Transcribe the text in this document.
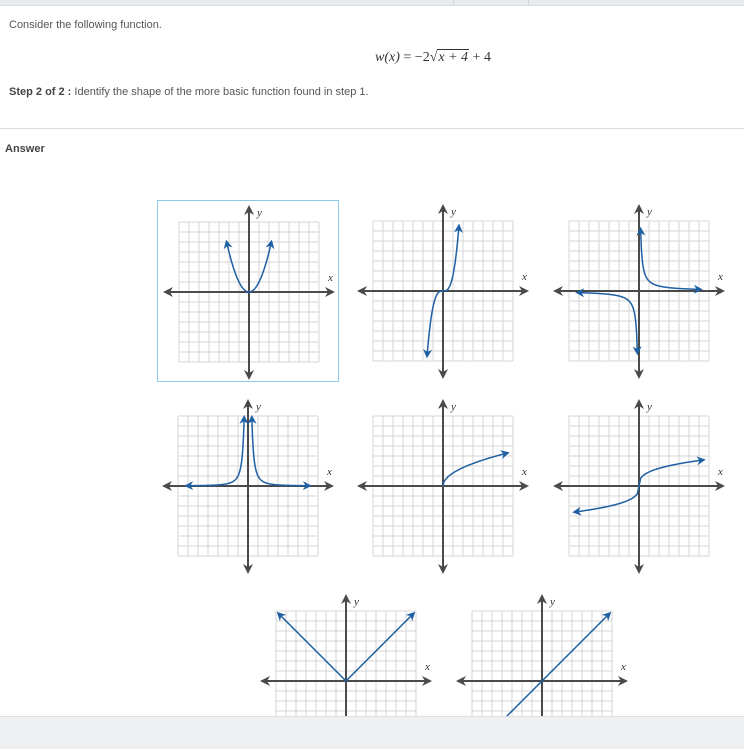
Consider the following function.
w(x) = −2√x + 4 + 4
Step 2 of 2 : Identify the shape of the more basic function found in step 1.
Answer
x
y
x
y
x
y
x
y
x
y
x
y
x
y
x
y
